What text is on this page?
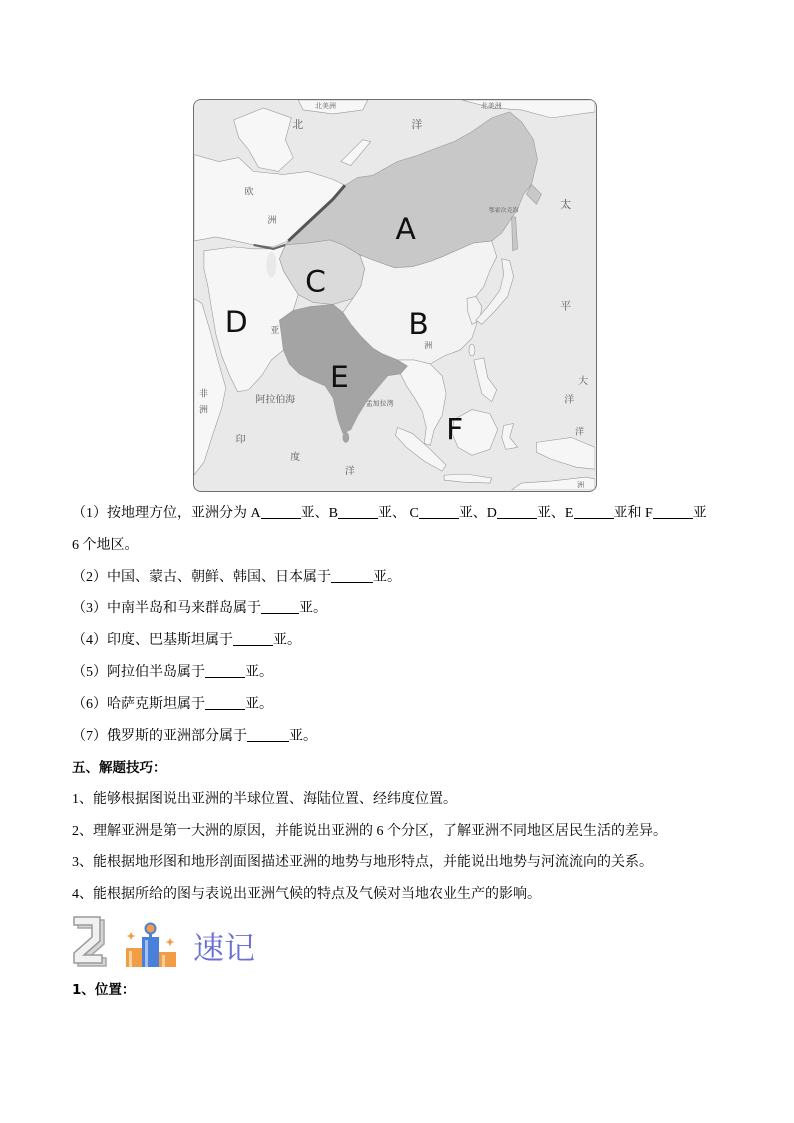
北美洲	北美洲
北	洋
欧
洲
鄂霍次克海	太
平
亚
洲
大
洋
非
洲
阿拉伯海	孟加拉湾
洋
印
度
洋
洲
A
B
C
D
E
F
（1）按地理方位，亚洲分为 A	亚、B	亚、 C	亚、D	亚、E	亚和 F	亚
6 个地区。
（2）中国、蒙古、朝鲜、韩国、日本属于	亚。
（3）中南半岛和马来群岛属于	亚。
（4）印度、巴基斯坦属于	亚。
（5）阿拉伯半岛属于	亚。
（6）哈萨克斯坦属于	亚。
（7）俄罗斯的亚洲部分属于	亚。
五、解题技巧：
1、能够根据图说出亚洲的半球位置、海陆位置、经纬度位置。
2、理解亚洲是第一大洲的原因，并能说出亚洲的 6 个分区，了解亚洲不同地区居民生活的差异。
3、能根据地形图和地形剖面图描述亚洲的地势与地形特点，并能说出地势与河流流向的关系。
4、能根据所给的图与表说出亚洲气候的特点及气候对当地农业生产的影响。
速记
1、位置：
